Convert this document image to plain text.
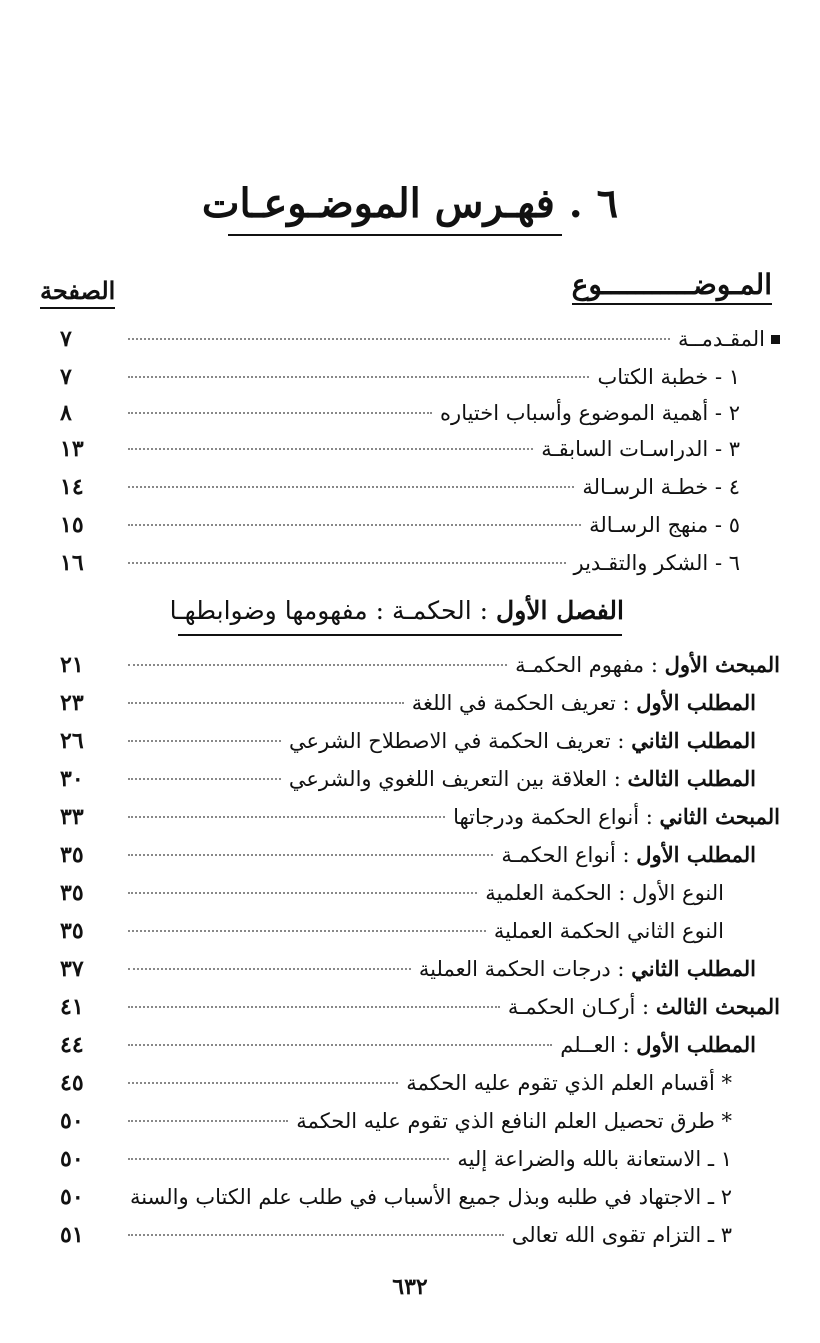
٦ . فهـرس الموضـوعـات
المـوضـــــــــــوع
الصفحة
المقـدمــة
٧
١ - خطبة الكتاب
٧
٢ - أهمية الموضوع وأسباب اختياره
٨
٣ - الدراسـات السابقـة
١٣
٤ - خطـة الرسـالة
١٤
٥ - منهج الرسـالة
١٥
٦ - الشكر والتقـدير
١٦
الفصل الأول : الحكمـة : مفهومها وضوابطهـا
المبحث الأول : مفهوم الحكمـة
٢١
المطلب الأول : تعريف الحكمة في اللغة
٢٣
المطلب الثاني : تعريف الحكمة في الاصطلاح الشرعي
٢٦
المطلب الثالث : العلاقة بين التعريف اللغوي والشرعي
٣٠
المبحث الثاني : أنواع الحكمة ودرجاتها
٣٣
المطلب الأول : أنواع الحكمـة
٣٥
النوع الأول : الحكمة العلمية
٣٥
النوع الثاني الحكمة العملية
٣٥
المطلب الثاني : درجات الحكمة العملية
٣٧
المبحث الثالث : أركـان الحكمـة
٤١
المطلب الأول : العــلم
٤٤
* أقسام العلم الذي تقوم عليه الحكمة
٤٥
* طرق تحصيل العلم النافع الذي تقوم عليه الحكمة
٥٠
١ ـ الاستعانة بالله والضراعة إليه
٥٠
٢ ـ الاجتهاد في طلبه وبذل جميع الأسباب في طلب علم الكتاب والسنة
٥٠
٣ ـ التزام تقوى الله تعالى
٥١
٦٣٢
